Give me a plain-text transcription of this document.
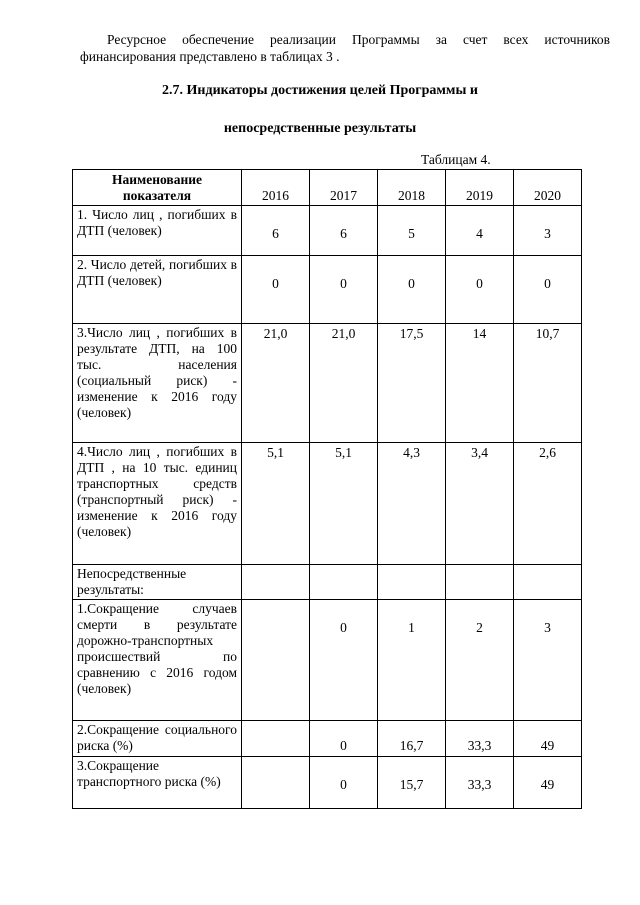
Ресурсное обеспечение реализации Программы за счет всех источников финансирования представлено в таблицах 3 .
2.7. Индикаторы достижения целей Программы и
непосредственные результаты
Таблицам 4.
Наименование показателя	2016	2017	2018	2019	2020
1. Число лиц , погибших в ДТП (человек)	6	6	5	4	3
2. Число детей, погибших в ДТП (человек)	0	0	0	0	0
3.Число лиц , погибших в результате ДТП, на 100 тыс. населения (социальный риск) - изменение к 2016 году (человек)	21,0	21,0	17,5	14	10,7
4.Число лиц , погибших в ДТП , на 10 тыс. единиц транспортных средств (транспортный риск) - изменение к 2016 году (человек)	5,1	5,1	4,3	3,4	2,6
Непосредственные результаты:					
1.Сокращение случаев смерти в результате дорожно-транспортных происшествий по сравнению с 2016 годом (человек)		0	1	2	3
2.Сокращение социального риска (%)		0	16,7	33,3	49
3.Сокращение транспортного риска (%)		0	15,7	33,3	49
